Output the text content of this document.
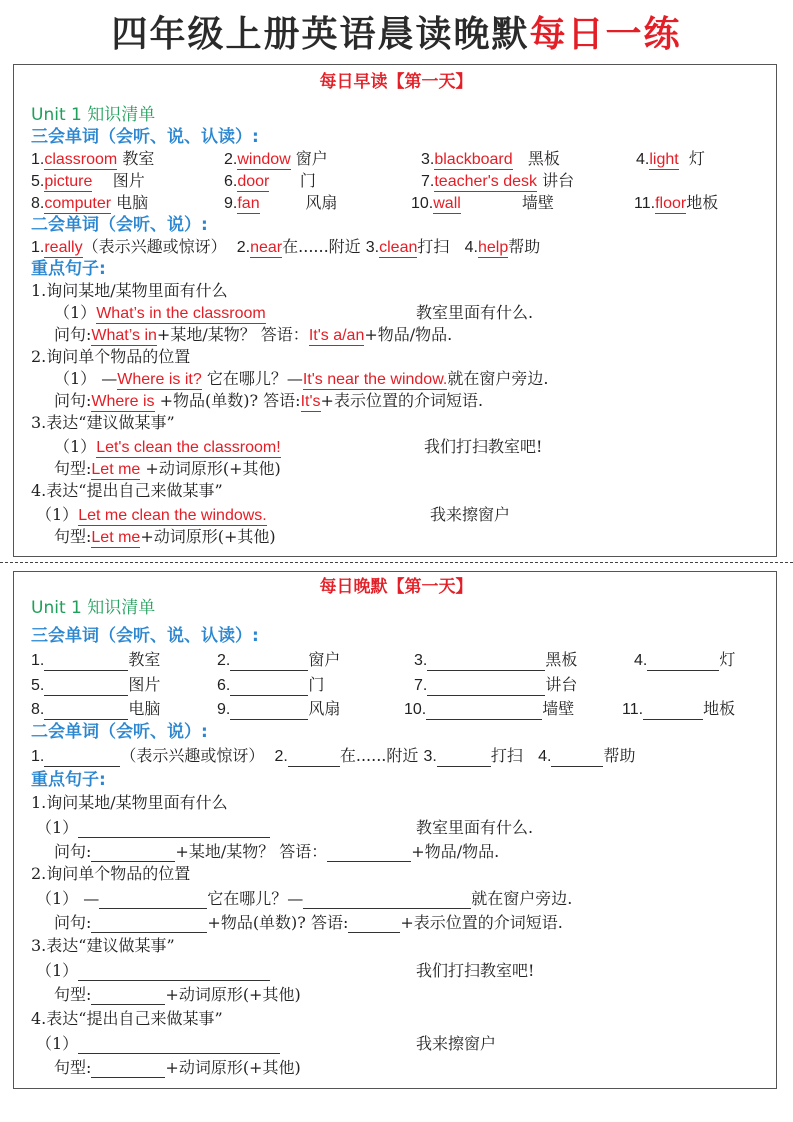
四年级上册英语晨读晚默每日一练
每日早读【第一天】
Unit 1 知识清单
三会单词（会听、说、认读）:
1.classroom 教室	2.window 窗户	3.blackboard 黑板	4.light 灯
5.picture 图片	6.door 门	7.teacher's desk 讲台
8.computer 电脑	9.fan	风扇	10.wall	墙壁	11.floor地板
二会单词（会听、说）:
1.really（表示兴趣或惊讶） 2.near在......附近 3.clean打扫 4.help帮助
重点句子:
1.询问某地/某物里面有什么
（1）What’s in the classroom	教室里面有什么.
问句:What’s in+某地/某物？ 答语：It's a/an+物品/物品.
2.询问单个物品的位置
（1） —Where is it? 它在哪儿？—It's near the window.就在窗户旁边.
问句:Where is +物品(单数)? 答语:It's+表示位置的介词短语.
3.表达“建议做某事”
（1）Let's clean the classroom!	我们打扫教室吧!
句型:Let me +动词原形(+其他)
4.表达“提出自己来做某事”
（1）Let me clean the windows.	我来擦窗户
句型:Let me+动词原形(+其他)
每日晚默【第一天】
Unit 1 知识清单
三会单词（会听、说、认读）:
1.	教室	2.	窗户	3.	黑板	4.	灯
5.	图片	6.	门	7.	讲台
8.	电脑	9.	风扇	10.	墙壁	11.	地板
二会单词（会听、说）:
1.	（表示兴趣或惊讶） 2.	在......附近 3.	打扫 4.	帮助
重点句子:
1.询问某地/某物里面有什么
（1）	教室里面有什么.
问句:	+某地/某物？ 答语：	+物品/物品.
2.询问单个物品的位置
（1） —	它在哪儿？—	就在窗户旁边.
问句:	+物品(单数)? 答语:	+表示位置的介词短语.
3.表达“建议做某事”
（1）	我们打扫教室吧!
句型:	+动词原形(+其他)
4.表达“提出自己来做某事”
（1）	我来擦窗户
句型:	+动词原形(+其他)
